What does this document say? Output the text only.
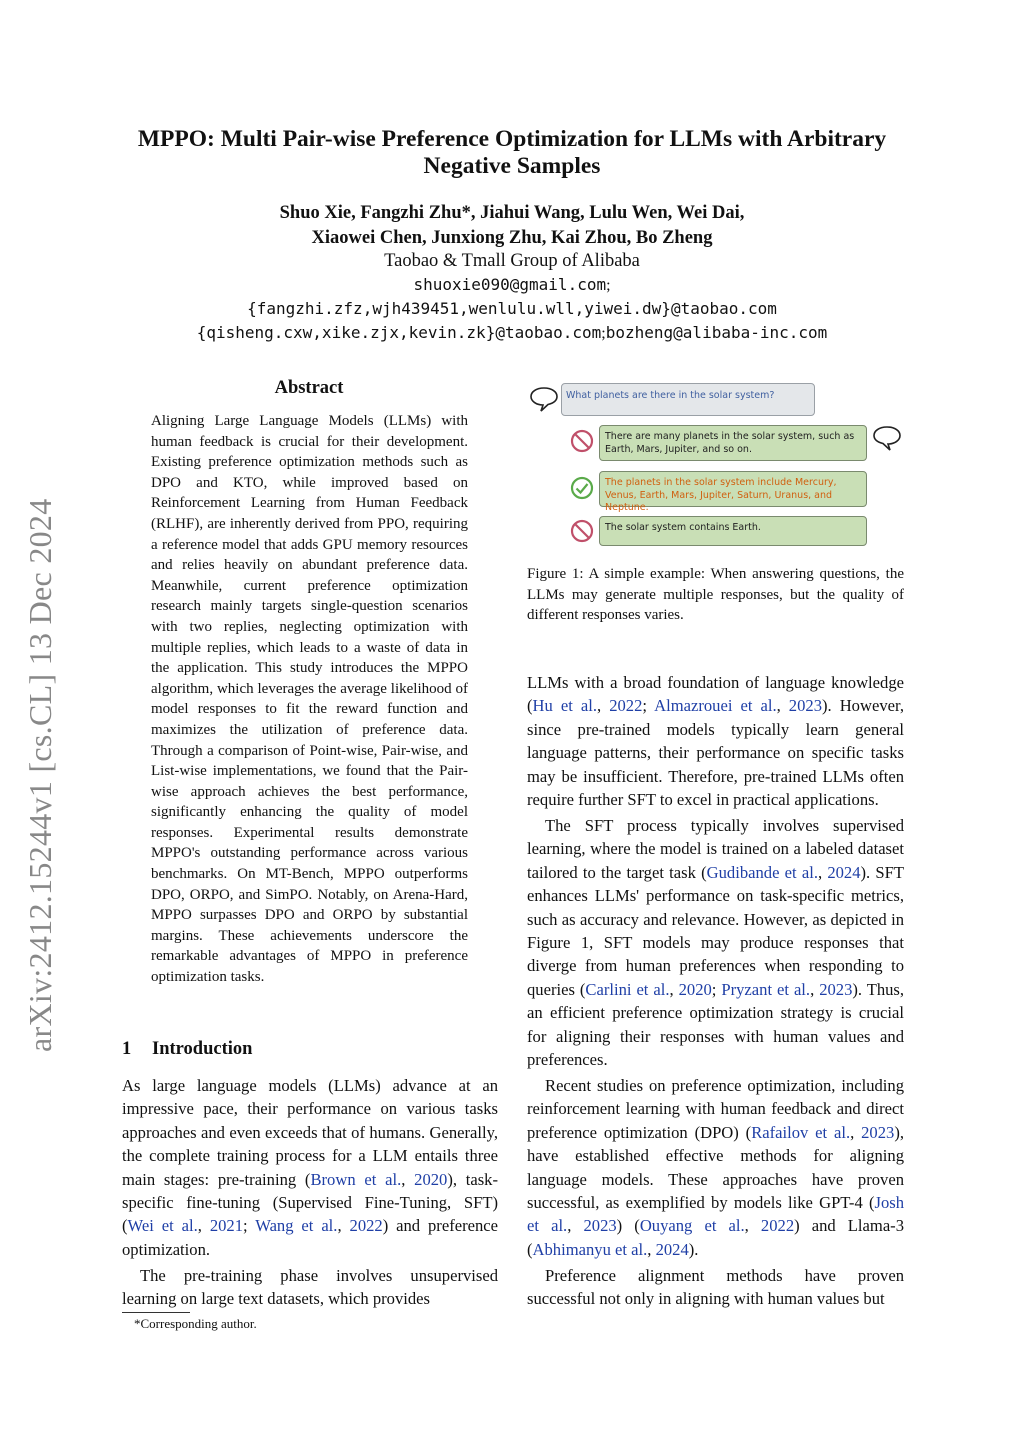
MPPO: Multi Pair-wise Preference Optimization for LLMs with Arbitrary
Negative Samples
Shuo Xie, Fangzhi Zhu*, Jiahui Wang, Lulu Wen, Wei Dai,
Xiaowei Chen, Junxiong Zhu, Kai Zhou, Bo Zheng
Taobao & Tmall Group of Alibaba
shuoxie090@gmail.com;
{fangzhi.zfz,wjh439451,wenlulu.wll,yiwei.dw}@taobao.com
{qisheng.cxw,xike.zjx,kevin.zk}@taobao.com;bozheng@alibaba-inc.com
arXiv:2412.15244v1 [cs.CL] 13 Dec 2024
Abstract
Aligning Large Language Models (LLMs) with human feedback is crucial for their development. Existing preference optimization methods such as DPO and KTO, while improved based on Reinforcement Learning from Human Feedback (RLHF), are inherently derived from PPO, requiring a reference model that adds GPU memory resources and relies heavily on abundant preference data. Meanwhile, current preference optimization research mainly targets single-question scenarios with two replies, neglecting optimization with multiple replies, which leads to a waste of data in the application. This study introduces the MPPO algorithm, which leverages the average likelihood of model responses to fit the reward function and maximizes the utilization of preference data. Through a comparison of Point-wise, Pair-wise, and List-wise implementations, we found that the Pair-wise approach achieves the best performance, significantly enhancing the quality of model responses. Experimental results demonstrate MPPO's outstanding performance across various benchmarks. On MT-Bench, MPPO outperforms DPO, ORPO, and SimPO. Notably, on Arena-Hard, MPPO surpasses DPO and ORPO by substantial margins. These achievements underscore the remarkable advantages of MPPO in preference optimization tasks.
1 Introduction

As large language models (LLMs) advance at an impressive pace, their performance on various tasks approaches and even exceeds that of humans. Generally, the complete training process for a LLM entails three main stages: pre-training (Brown et al., 2020), task-specific fine-tuning (Supervised Fine-Tuning, SFT) (Wei et al., 2021; Wang et al., 2022) and preference optimization.

The pre-training phase involves unsupervised learning on large text datasets, which provides

*Corresponding author.
What planets are there in the solar system?
There are many planets in the solar system, such as Earth, Mars, Jupiter, and so on.
The planets in the solar system include Mercury, Venus, Earth, Mars, Jupiter, Saturn, Uranus, and Neptune.
The solar system contains Earth.
Figure 1: A simple example: When answering questions, the LLMs may generate multiple responses, but the quality of different responses varies.

LLMs with a broad foundation of language knowledge (Hu et al., 2022; Almazrouei et al., 2023). However, since pre-trained models typically learn general language patterns, their performance on specific tasks may be insufficient. Therefore, pre-trained LLMs often require further SFT to excel in practical applications.

The SFT process typically involves supervised learning, where the model is trained on a labeled dataset tailored to the target task (Gudibande et al., 2024). SFT enhances LLMs' performance on task-specific metrics, such as accuracy and relevance. However, as depicted in Figure 1, SFT models may produce responses that diverge from human preferences when responding to queries (Carlini et al., 2020; Pryzant et al., 2023). Thus, an efficient preference optimization strategy is crucial for aligning their responses with human values and preferences.

Recent studies on preference optimization, including reinforcement learning with human feedback and direct preference optimization (DPO) (Rafailov et al., 2023), have established effective methods for aligning language models. These approaches have proven successful, as exemplified by models like GPT-4 (Josh et al., 2023) (Ouyang et al., 2022) and Llama-3 (Abhimanyu et al., 2024).

Preference alignment methods have proven successful not only in aligning with human values but
